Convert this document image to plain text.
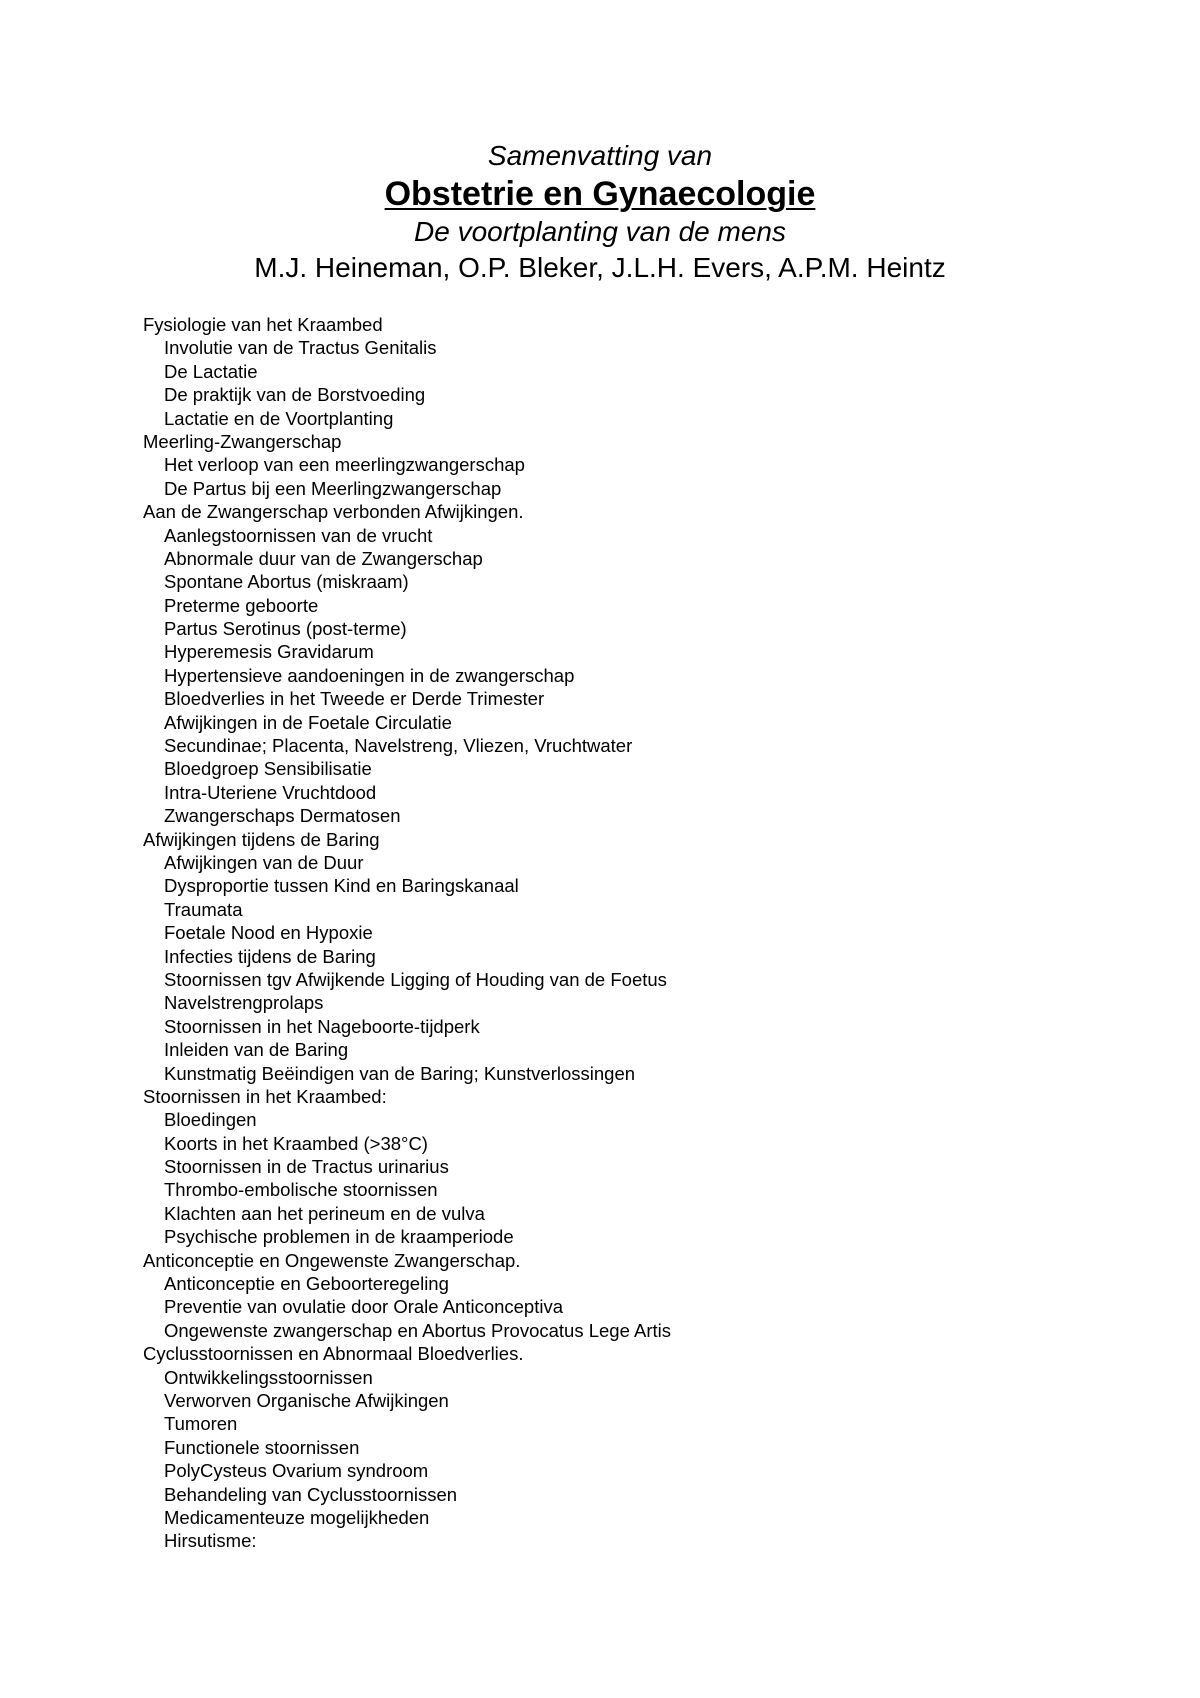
Samenvatting van
Obstetrie en Gynaecologie
De voortplanting van de mens
M.J. Heineman, O.P. Bleker, J.L.H. Evers, A.P.M. Heintz
Fysiologie van het Kraambed
Involutie van de Tractus Genitalis
De Lactatie
De praktijk van de Borstvoeding
Lactatie en de Voortplanting
Meerling-Zwangerschap
Het verloop van een meerlingzwangerschap
De Partus bij een Meerlingzwangerschap
Aan de Zwangerschap verbonden Afwijkingen.
Aanlegstoornissen van de vrucht
Abnormale duur van de Zwangerschap
Spontane Abortus (miskraam)
Preterme geboorte
Partus Serotinus (post-terme)
Hyperemesis Gravidarum
Hypertensieve aandoeningen in de zwangerschap
Bloedverlies in het Tweede er Derde Trimester
Afwijkingen in de Foetale Circulatie
Secundinae; Placenta, Navelstreng, Vliezen, Vruchtwater
Bloedgroep Sensibilisatie
Intra-Uteriene Vruchtdood
Zwangerschaps Dermatosen
Afwijkingen tijdens de Baring
Afwijkingen van de Duur
Dysproportie tussen Kind en Baringskanaal
Traumata
Foetale Nood en Hypoxie
Infecties tijdens de Baring
Stoornissen tgv Afwijkende Ligging of Houding van de Foetus
Navelstrengprolaps
Stoornissen in het Nageboorte-tijdperk
Inleiden van de Baring
Kunstmatig Beëindigen van de Baring; Kunstverlossingen
Stoornissen in het Kraambed:
Bloedingen
Koorts in het Kraambed (>38°C)
Stoornissen in de Tractus urinarius
Thrombo-embolische stoornissen
Klachten aan het perineum en de vulva
Psychische problemen in de kraamperiode
Anticonceptie en Ongewenste Zwangerschap.
Anticonceptie en Geboorteregeling
Preventie van ovulatie door Orale Anticonceptiva
Ongewenste zwangerschap en Abortus Provocatus Lege Artis
Cyclusstoornissen en Abnormaal Bloedverlies.
Ontwikkelingsstoornissen
Verworven Organische Afwijkingen
Tumoren
Functionele stoornissen
PolyCysteus Ovarium syndroom
Behandeling van Cyclusstoornissen
Medicamenteuze mogelijkheden
Hirsutisme:
